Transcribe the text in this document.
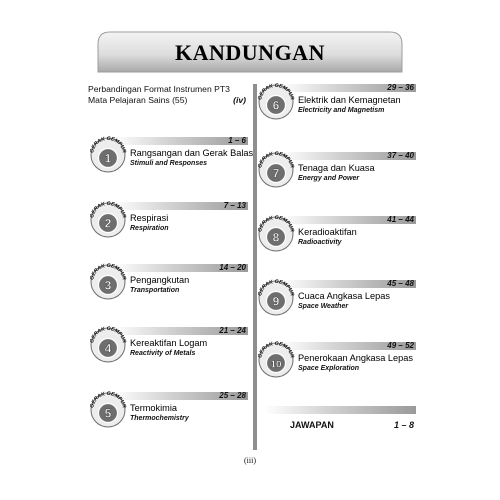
KANDUNGAN
Perbandingan Format Instrumen PT3
Mata Pelajaran Sains (55)	(iv)
1 – 6
GERAK GEMPUR
1 Rangsangan dan Gerak Balas
Stimuli and Responses
7 – 13
GERAK GEMPUR
2 Respirasi
Respiration
14 – 20
GERAK GEMPUR
3 Pengangkutan
Transportation
21 – 24
GERAK GEMPUR
4 Kereaktifan Logam
Reactivity of Metals
25 – 28
GERAK GEMPUR
5 Termokimia
Thermochemistry
29 – 36
GERAK GEMPUR
6 Elektrik dan Kemagnetan
Electricity and Magnetism
37 – 40
GERAK GEMPUR
7 Tenaga dan Kuasa
Energy and Power
41 – 44
GERAK GEMPUR
8 Keradioaktifan
Radioactivity
45 – 48
GERAK GEMPUR
9 Cuaca Angkasa Lepas
Space Weather
49 – 52
GERAK GEMPUR
10
Penerokaan Angkasa Lepas
Space Exploration
JAWAPAN	1 – 8
(iii)
